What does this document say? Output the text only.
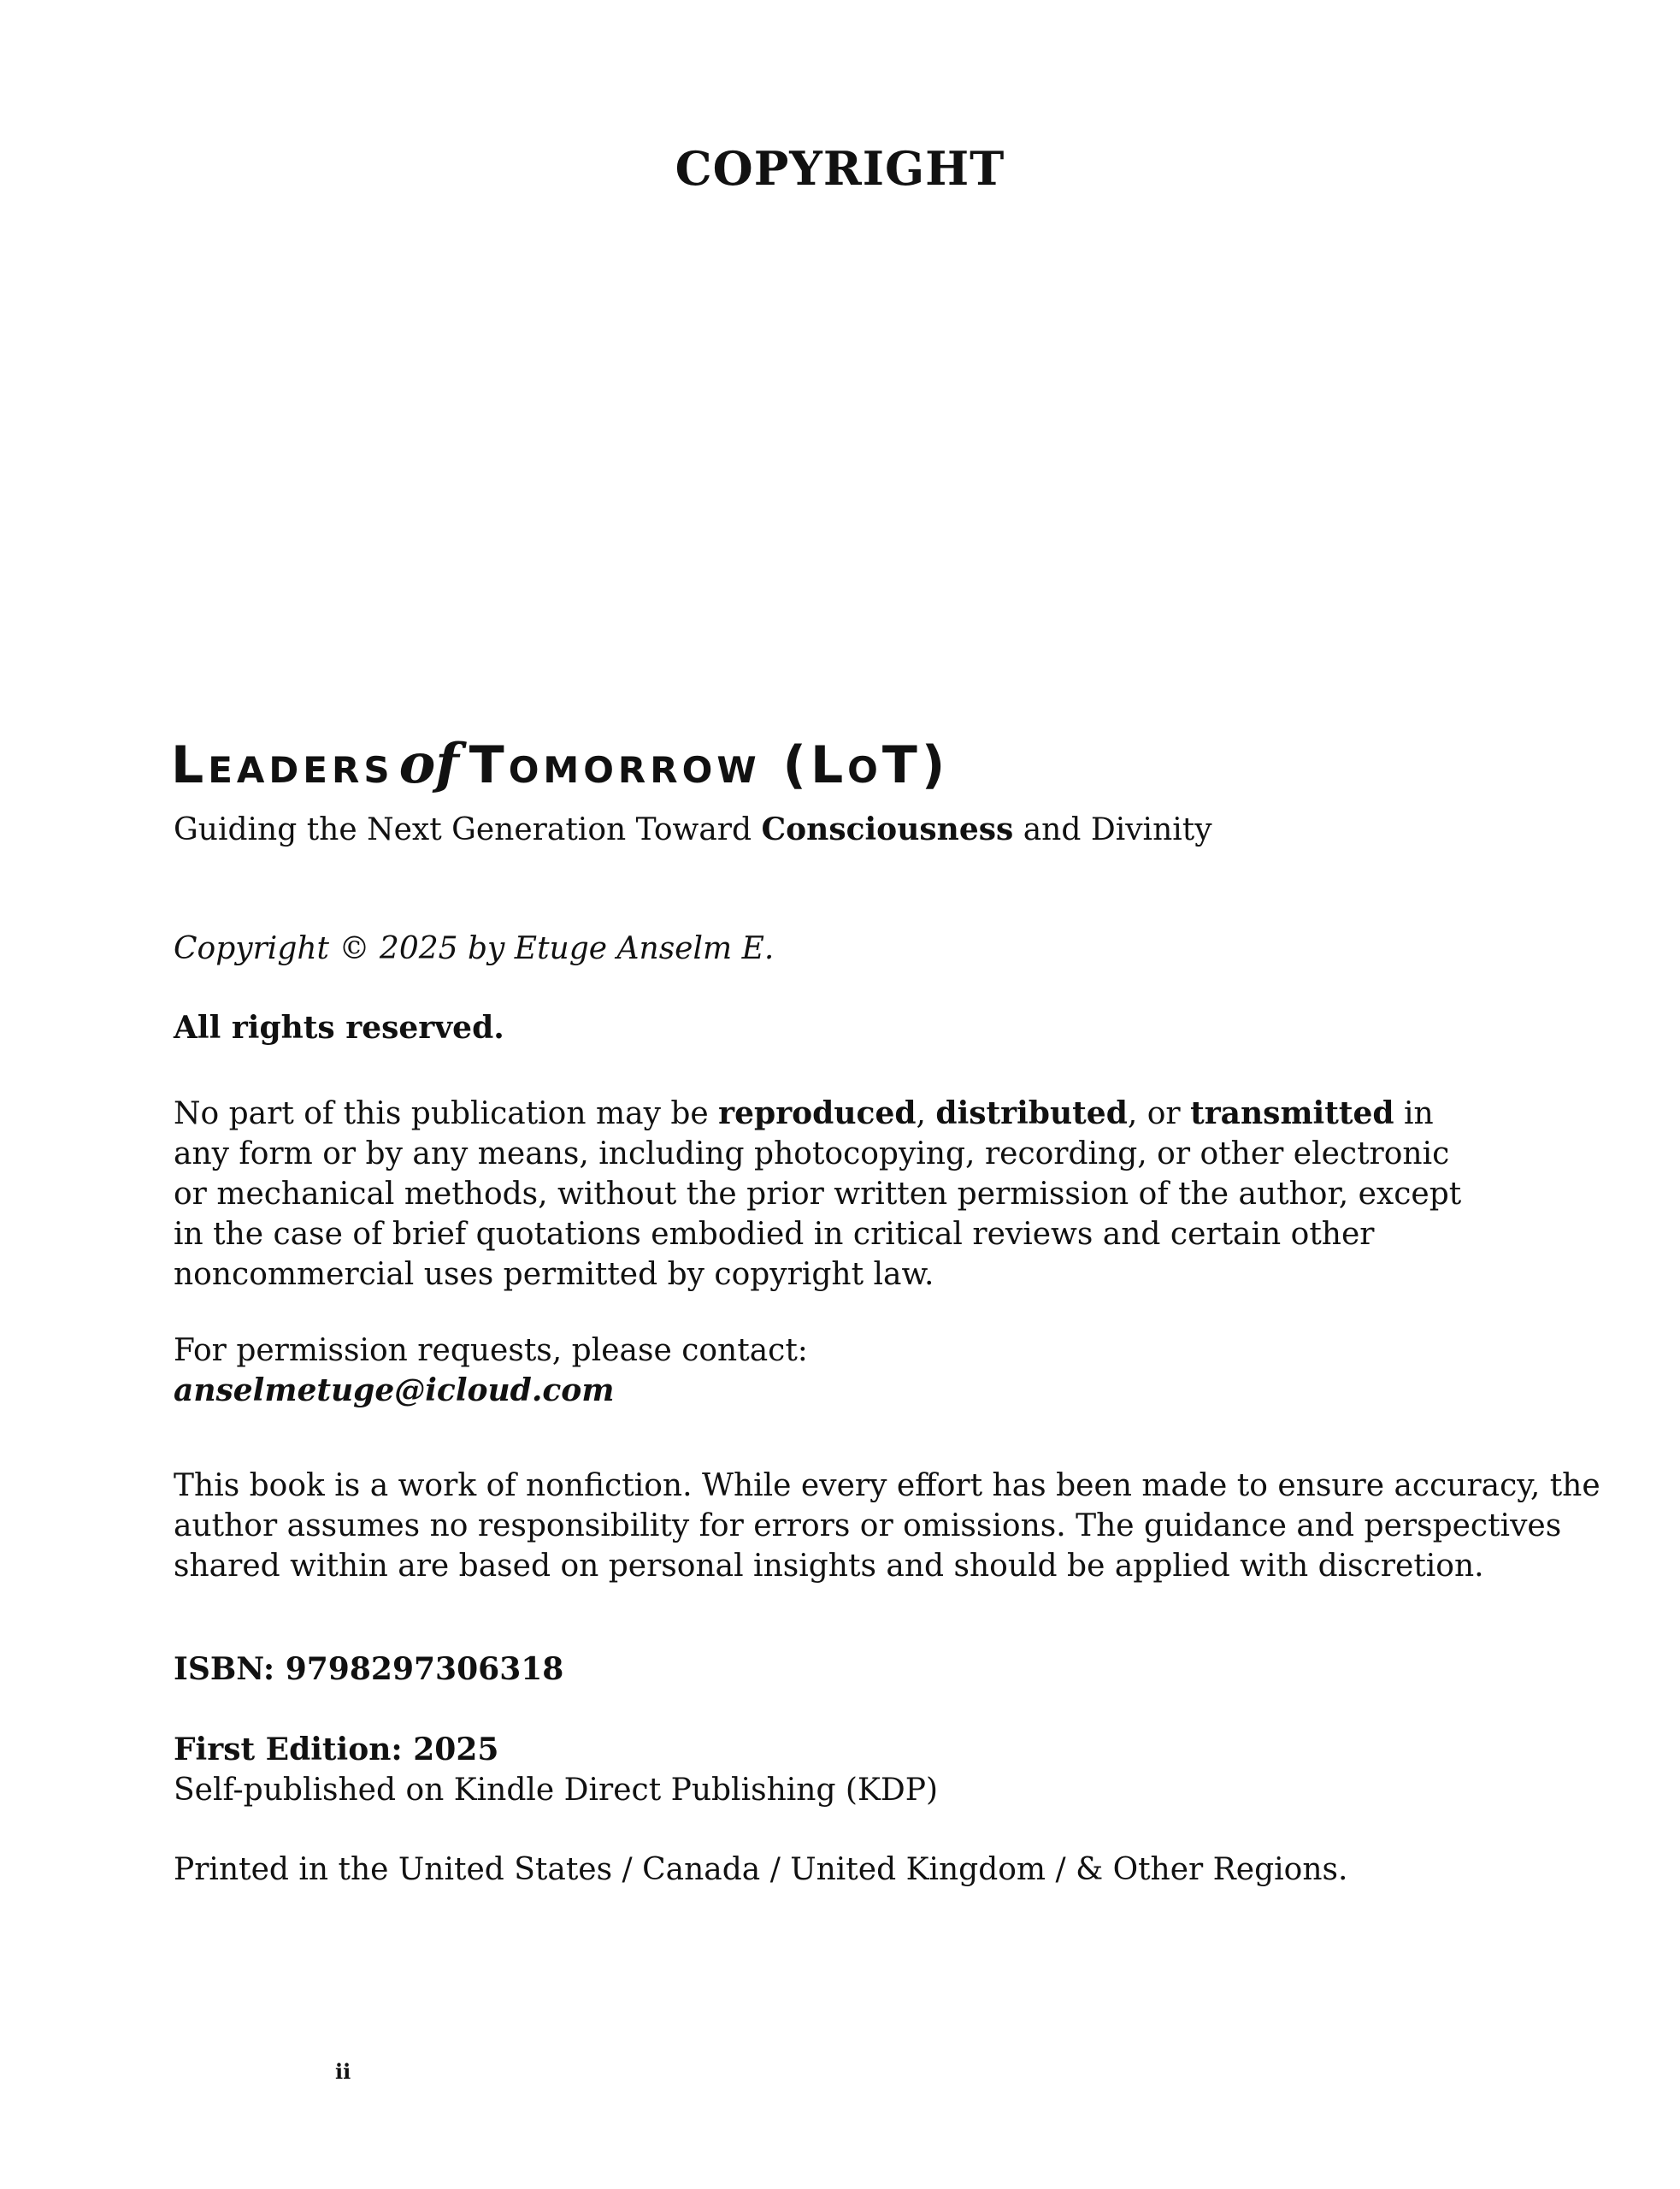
COPYRIGHT
Leadersof Tomorrow (LoT)
Guiding the Next Generation Toward Consciousness and Divinity
Copyright © 2025 by Etuge Anselm E.
All rights reserved.
No part of this publication may be reproduced, distributed, or transmitted in
any form or by any means, including photocopying, recording, or other electronic
or mechanical methods, without the prior written permission of the author, except
in the case of brief quotations embodied in critical reviews and certain other
noncommercial uses permitted by copyright law.
For permission requests, please contact:
anselmetuge@icloud.com
This book is a work of nonfiction. While every effort has been made to ensure accuracy, the
author assumes no responsibility for errors or omissions. The guidance and perspectives
shared within are based on personal insights and should be applied with discretion.
ISBN: 9798297306318
First Edition: 2025
Self-published on Kindle Direct Publishing (KDP)
Printed in the United States / Canada / United Kingdom / & Other Regions.
ii
